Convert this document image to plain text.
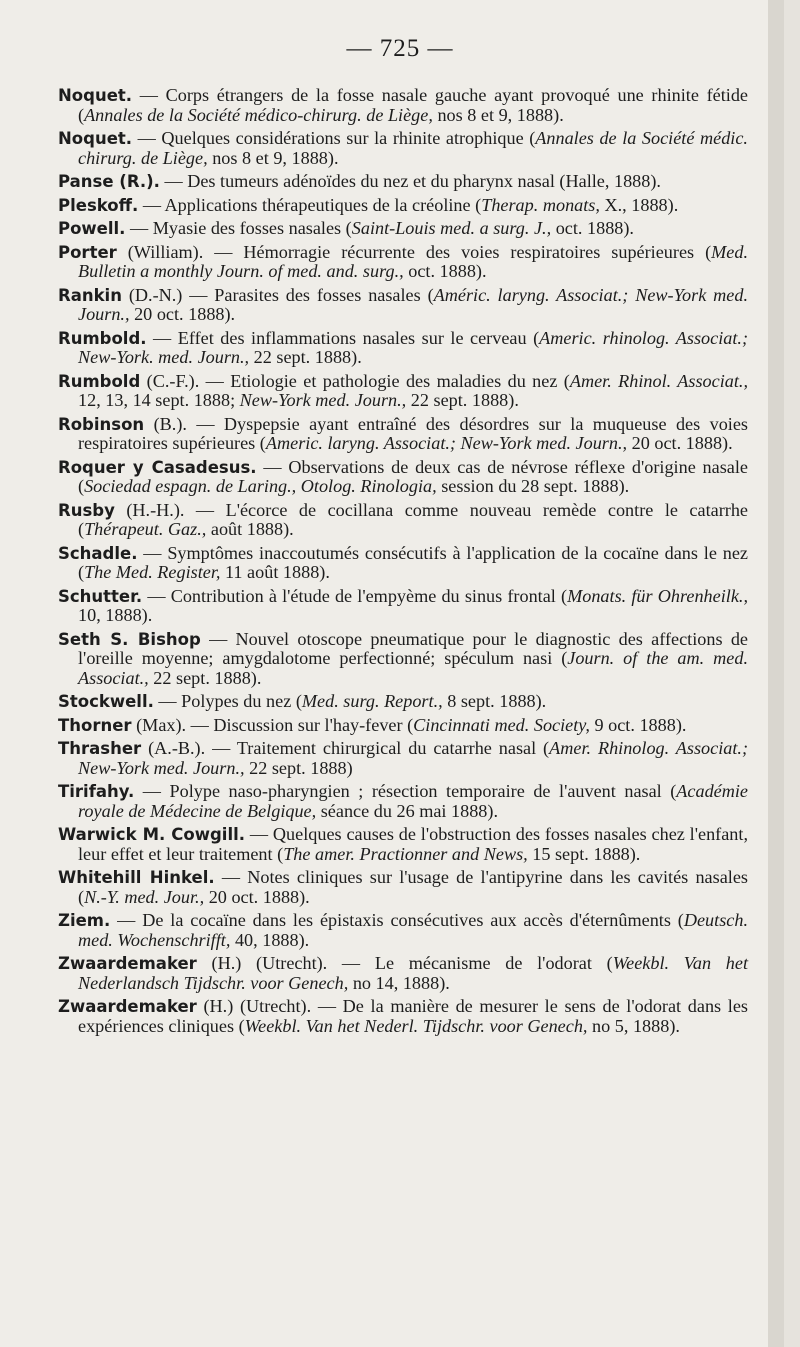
— 725 —
Noquet. — Corps étrangers de la fosse nasale gauche ayant provoqué une rhinite fétide (Annales de la Société médico-chirurg. de Liège, nos 8 et 9, 1888).
Noquet. — Quelques considérations sur la rhinite atrophique (Annales de la Société médic. chirurg. de Liège, nos 8 et 9, 1888).
Panse (R.). — Des tumeurs adénoïdes du nez et du pharynx nasal (Halle, 1888).
Pleskoff. — Applications thérapeutiques de la créoline (Therap. monats, X., 1888).
Powell. — Myasie des fosses nasales (Saint-Louis med. a surg. J., oct. 1888).
Porter (William). — Hémorragie récurrente des voies respiratoires supérieures (Med. Bulletin a monthly Journ. of med. and. surg., oct. 1888).
Rankin (D.-N.) — Parasites des fosses nasales (Améric. laryng. Associat.; New-York med. Journ., 20 oct. 1888).
Rumbold. — Effet des inflammations nasales sur le cerveau (Americ. rhinolog. Associat.; New-York. med. Journ., 22 sept. 1888).
Rumbold (C.-F.). — Etiologie et pathologie des maladies du nez (Amer. Rhinol. Associat., 12, 13, 14 sept. 1888; New-York med. Journ., 22 sept. 1888).
Robinson (B.). — Dyspepsie ayant entraîné des désordres sur la muqueuse des voies respiratoires supérieures (Americ. laryng. Associat.; New-York med. Journ., 20 oct. 1888).
Roquer y Casadesus. — Observations de deux cas de névrose réflexe d'origine nasale (Sociedad espagn. de Laring., Otolog. Rinologia, session du 28 sept. 1888).
Rusby (H.-H.). — L'écorce de cocillana comme nouveau remède contre le catarrhe (Thérapeut. Gaz., août 1888).
Schadle. — Symptômes inaccoutumés consécutifs à l'application de la cocaïne dans le nez (The Med. Register, 11 août 1888).
Schutter. — Contribution à l'étude de l'empyème du sinus frontal (Monats. für Ohrenheilk., 10, 1888).
Seth S. Bishop — Nouvel otoscope pneumatique pour le diagnostic des affections de l'oreille moyenne; amygdalotome perfectionné; spéculum nasi (Journ. of the am. med. Associat., 22 sept. 1888).
Stockwell. — Polypes du nez (Med. surg. Report., 8 sept. 1888).
Thorner (Max). — Discussion sur l'hay-fever (Cincinnati med. Society, 9 oct. 1888).
Thrasher (A.-B.). — Traitement chirurgical du catarrhe nasal (Amer. Rhinolog. Associat.; New-York med. Journ., 22 sept. 1888)
Tirifahy. — Polype naso-pharyngien ; résection temporaire de l'auvent nasal (Académie royale de Médecine de Belgique, séance du 26 mai 1888).
Warwick M. Cowgill. — Quelques causes de l'obstruction des fosses nasales chez l'enfant, leur effet et leur traitement (The amer. Practionner and News, 15 sept. 1888).
Whitehill Hinkel. — Notes cliniques sur l'usage de l'antipyrine dans les cavités nasales (N.-Y. med. Jour., 20 oct. 1888).
Ziem. — De la cocaïne dans les épistaxis consécutives aux accès d'éternûments (Deutsch. med. Wochenschrifft, 40, 1888).
Zwaardemaker (H.) (Utrecht). — Le mécanisme de l'odorat (Weekbl. Van het Nederlandsch Tijdschr. voor Genech, no 14, 1888).
Zwaardemaker (H.) (Utrecht). — De la manière de mesurer le sens de l'odorat dans les expériences cliniques (Weekbl. Van het Nederl. Tijdschr. voor Genech, no 5, 1888).
